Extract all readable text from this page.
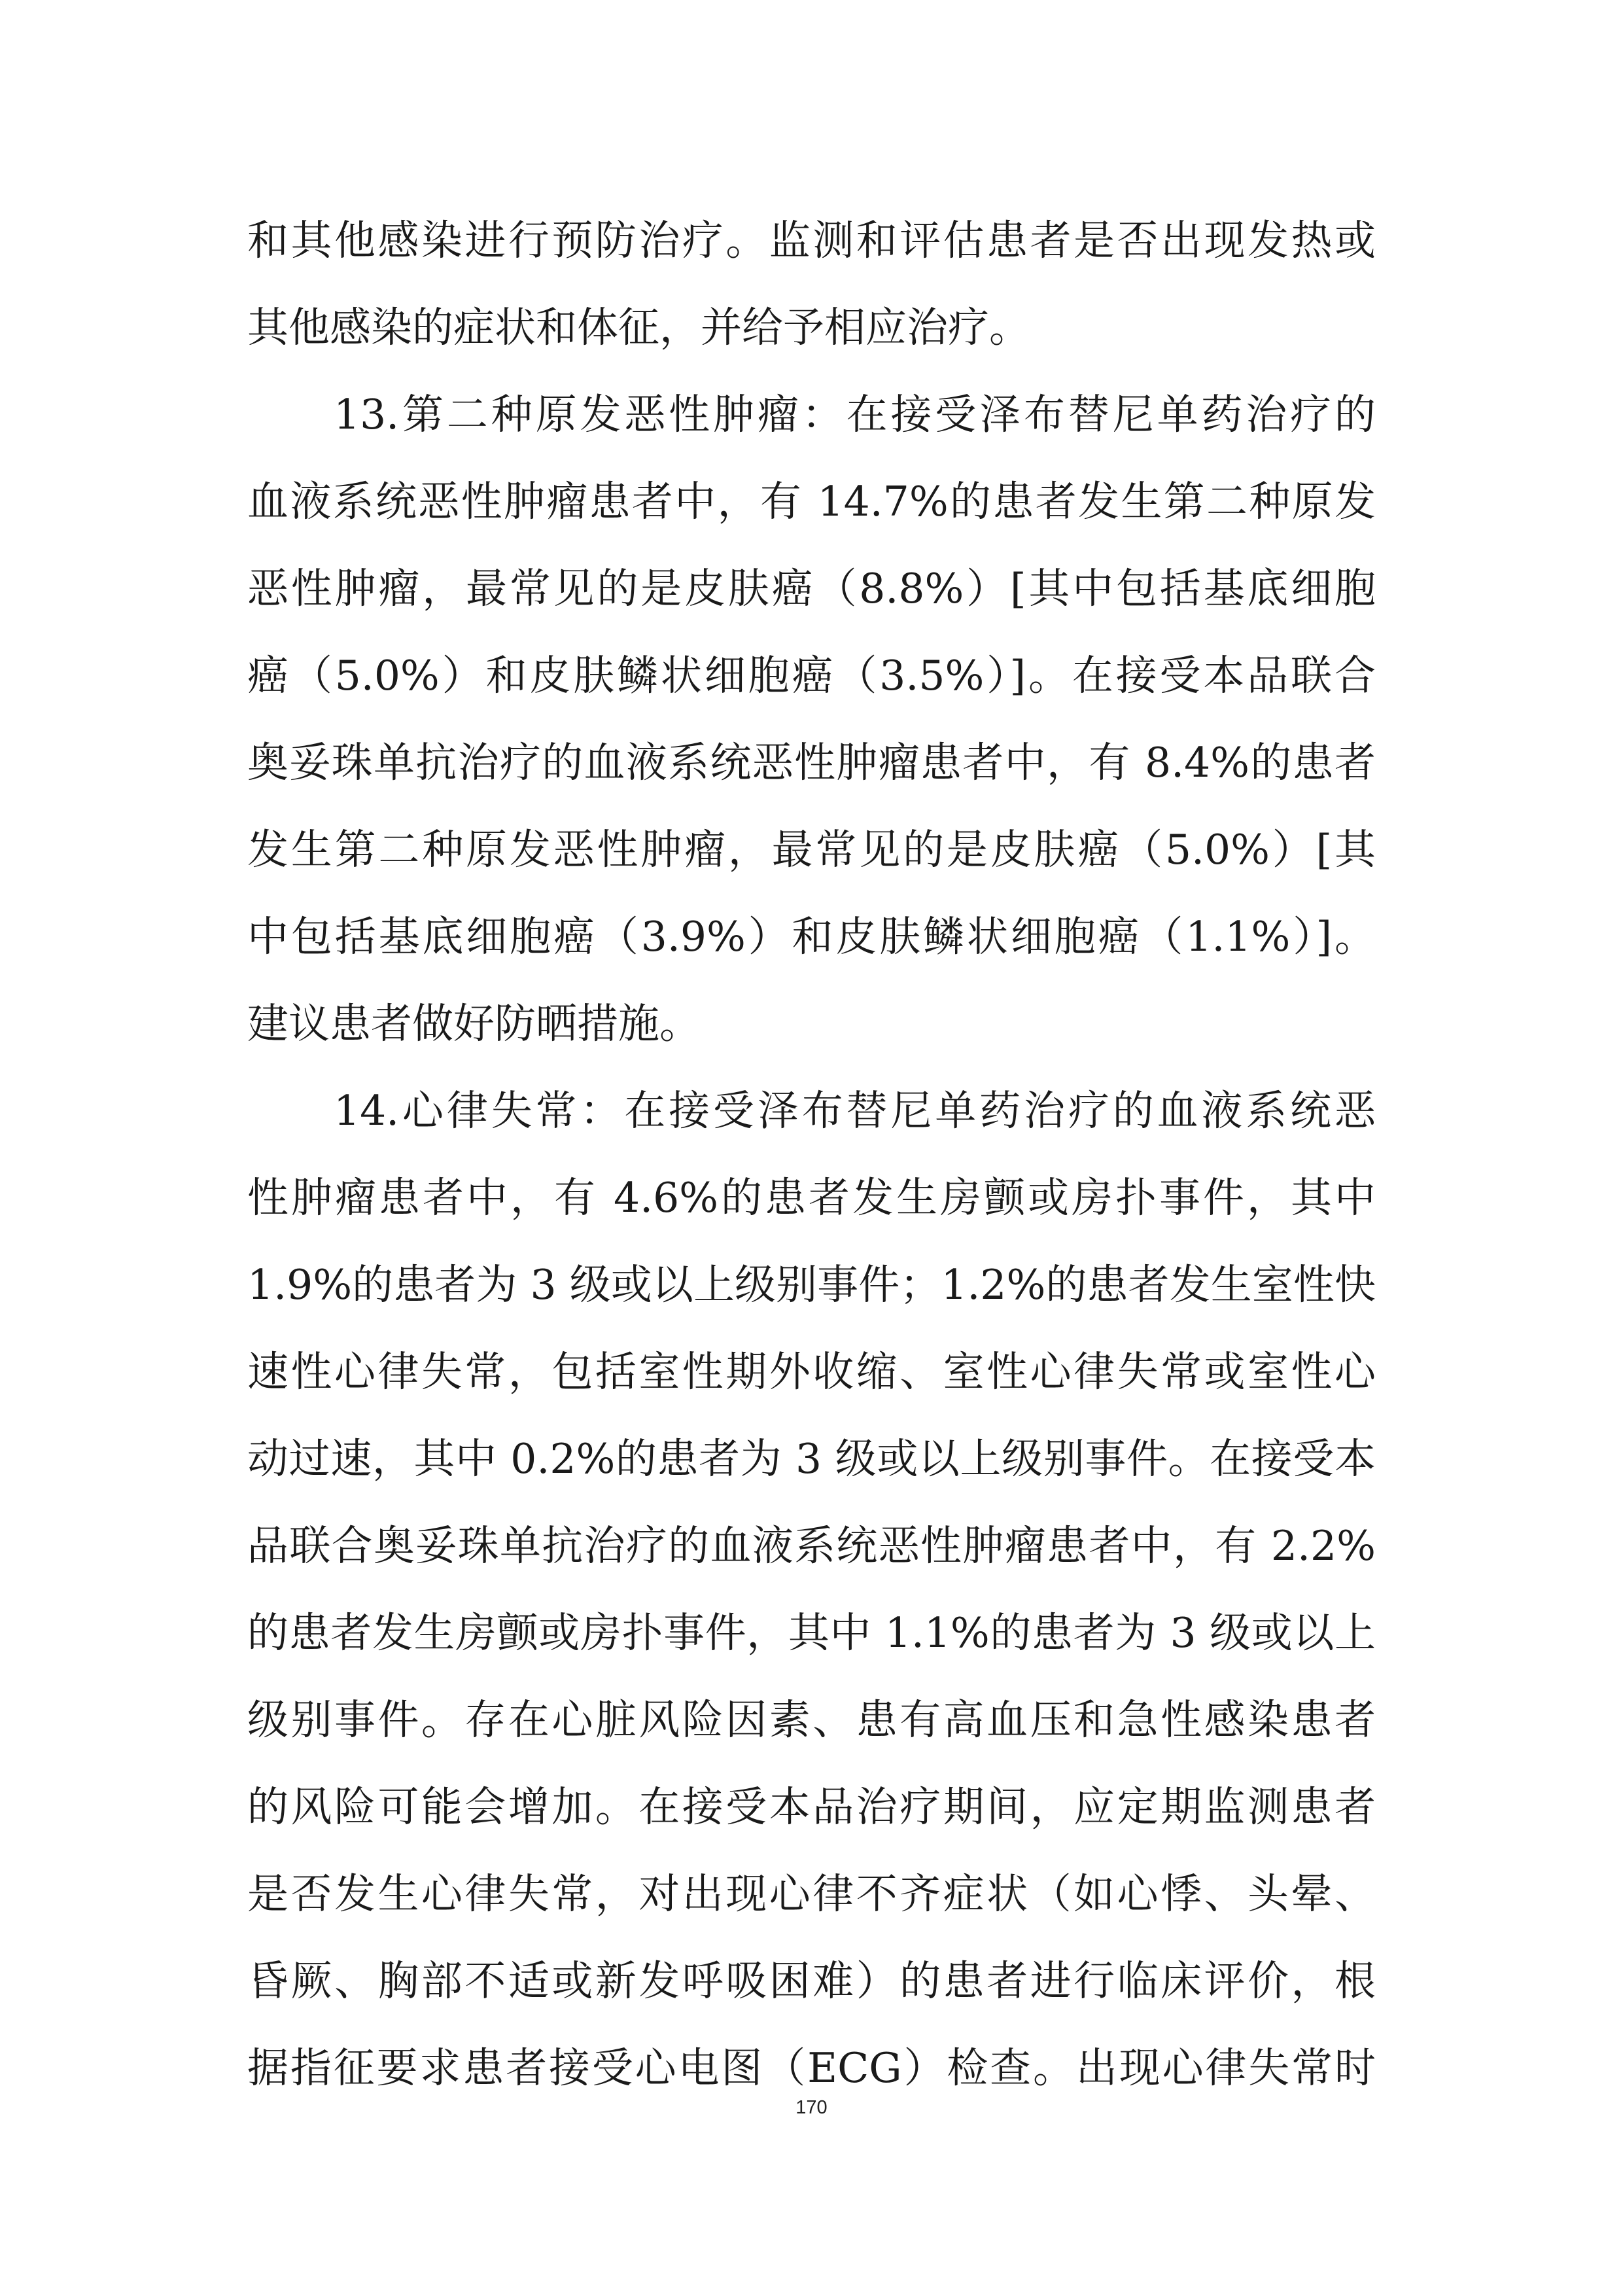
和其他感染进行预防治疗。监测和评估患者是否出现发热或
其他感染的症状和体征，并给予相应治疗。
13.第二种原发恶性肿瘤：在接受泽布替尼单药治疗的
血液系统恶性肿瘤患者中，有 14.7%的患者发生第二种原发
恶性肿瘤，最常见的是皮肤癌（8.8%）[其中包括基底细胞
癌（5.0%）和皮肤鳞状细胞癌（3.5%）]。在接受本品联合
奥妥珠单抗治疗的血液系统恶性肿瘤患者中，有 8.4%的患者
发生第二种原发恶性肿瘤，最常见的是皮肤癌（5.0%）[其
中包括基底细胞癌（3.9%）和皮肤鳞状细胞癌（1.1%）]。
建议患者做好防晒措施。
14.心律失常：在接受泽布替尼单药治疗的血液系统恶
性肿瘤患者中，有 4.6%的患者发生房颤或房扑事件，其中
1.9%的患者为 3 级或以上级别事件；1.2%的患者发生室性快
速性心律失常，包括室性期外收缩、室性心律失常或室性心
动过速，其中 0.2%的患者为 3 级或以上级别事件。在接受本
品联合奥妥珠单抗治疗的血液系统恶性肿瘤患者中，有 2.2%
的患者发生房颤或房扑事件，其中 1.1%的患者为 3 级或以上
级别事件。存在心脏风险因素、患有高血压和急性感染患者
的风险可能会增加。在接受本品治疗期间，应定期监测患者
是否发生心律失常，对出现心律不齐症状（如心悸、头晕、
昏厥、胸部不适或新发呼吸困难）的患者进行临床评价，根
据指征要求患者接受心电图（ECG）检查。出现心律失常时
170
